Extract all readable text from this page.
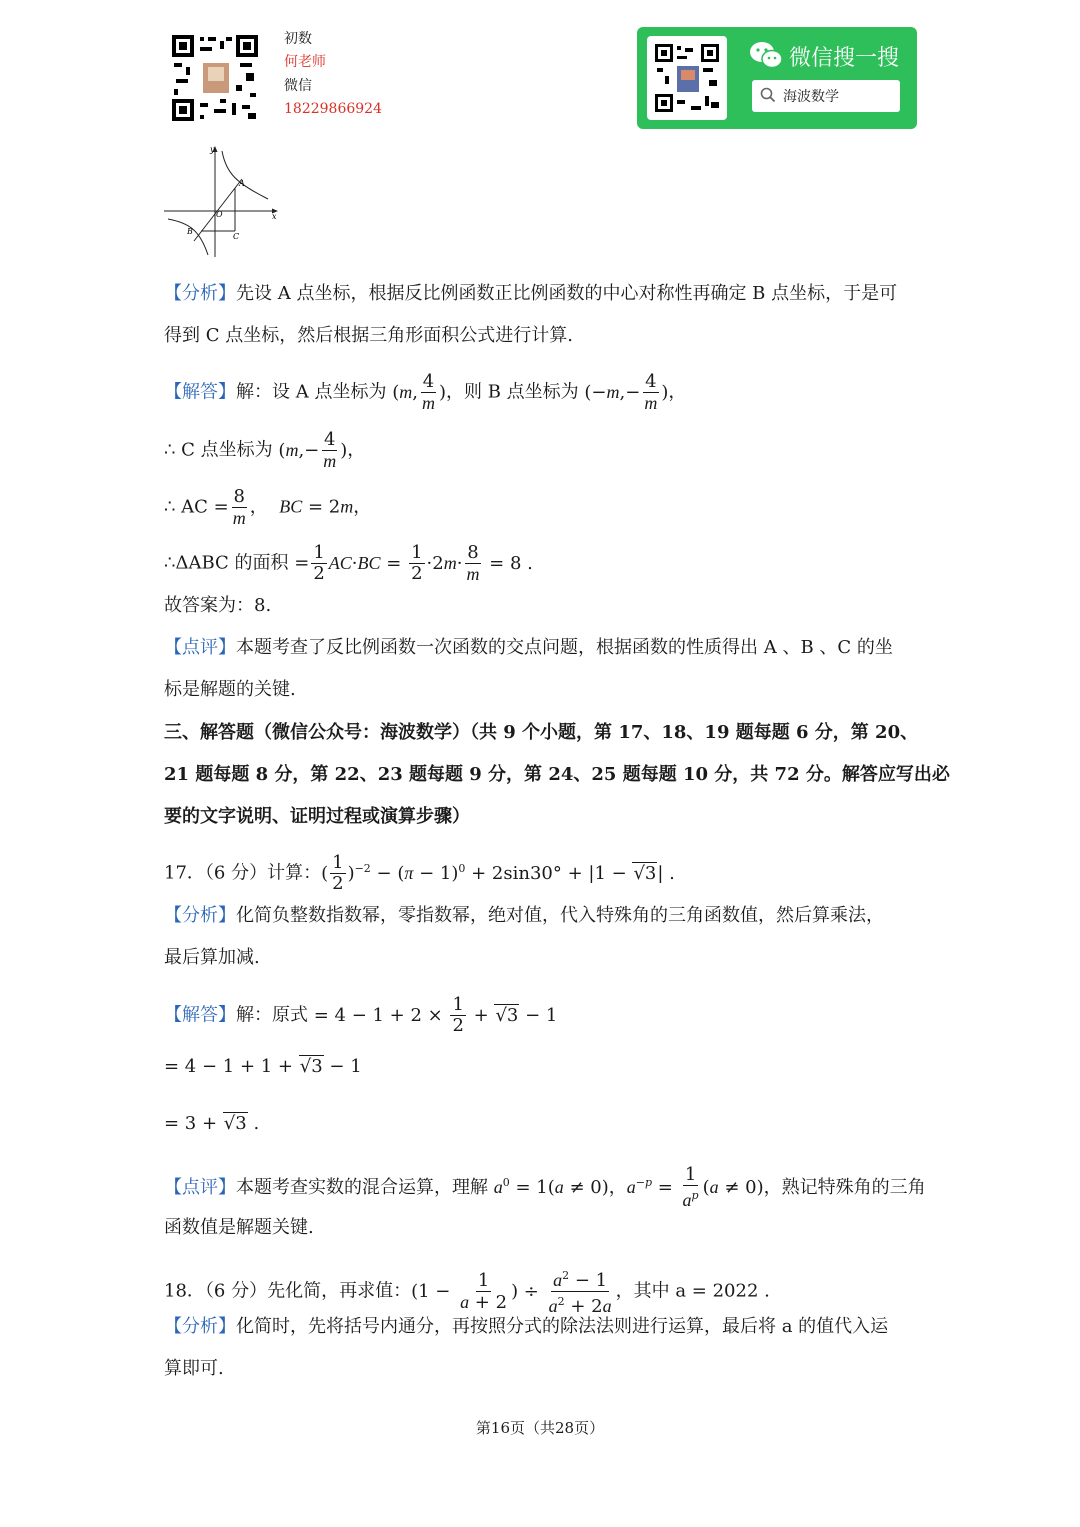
初数
何老师
微信
18229866924
微信搜一搜
海波数学
y
x
A
O
B
C
【分析】先设 A 点坐标，根据反比例函数正比例函数的中心对称性再确定 B 点坐标，于是可
得到 C 点坐标，然后根据三角形面积公式进行计算.
【解答】解：设 A 点坐标为 (m, $\frac{4}{m}$ )，则 B 点坐标为 ($-m,- \frac{4}{m}$ )，
∴ C 点坐标为 ($m,- \frac{4}{m}$ )，
∴ AC = $\frac{8}{m}$ ，  BC = 2m，
∴ΔABC 的面积 = $\frac{1}{2} AC\cdot BC = \frac{1}{2} \cdot 2m\cdot \frac{8}{m} = 8$ .
故答案为：8.
【点评】本题考查了反比例函数一次函数的交点问题，根据函数的性质得出 A 、B 、C 的坐
标是解题的关键.
三、解答题（微信公众号：海波数学）（共 9 个小题，第 17、18、19 题每题 6 分，第 20、
21 题每题 8 分，第 22、23 题每题 9 分，第 24、25 题每题 10 分，共 72 分。解答应写出必
要的文字说明、证明过程或演算步骤）
17．（6 分）计算：( $\frac{1}{2} )^{-2} - (\pi - 1)^0 + 2\sin 30^\circ + |1 - √3|$ .
【分析】化简负整数指数幂，零指数幂，绝对值，代入特殊角的三角函数值，然后算乘法，
最后算加减.
【解答】解：原式 = $4 - 1 + 2 \times \frac{1}{2} + √3 - 1$
= 4 − 1 + 1 + √3 − 1
= 3 + √3 .
【点评】本题考查实数的混合运算，理解 $a^0 = 1(a \ne 0)$，$a^{-p} = \frac{1}{a^p} (a \ne 0)$，熟记特殊角的三角
函数值是解题关键.
18．（6 分）先化简，再求值：($1 - \frac{1}{a + 2}$ ) ÷ $\frac{a^2 - 1}{a^2 + 2a}$ ，其中 a = 2022 .
【分析】化简时，先将括号内通分，再按照分式的除法法则进行运算，最后将 a 的值代入运
算即可.
第16页（共28页）
